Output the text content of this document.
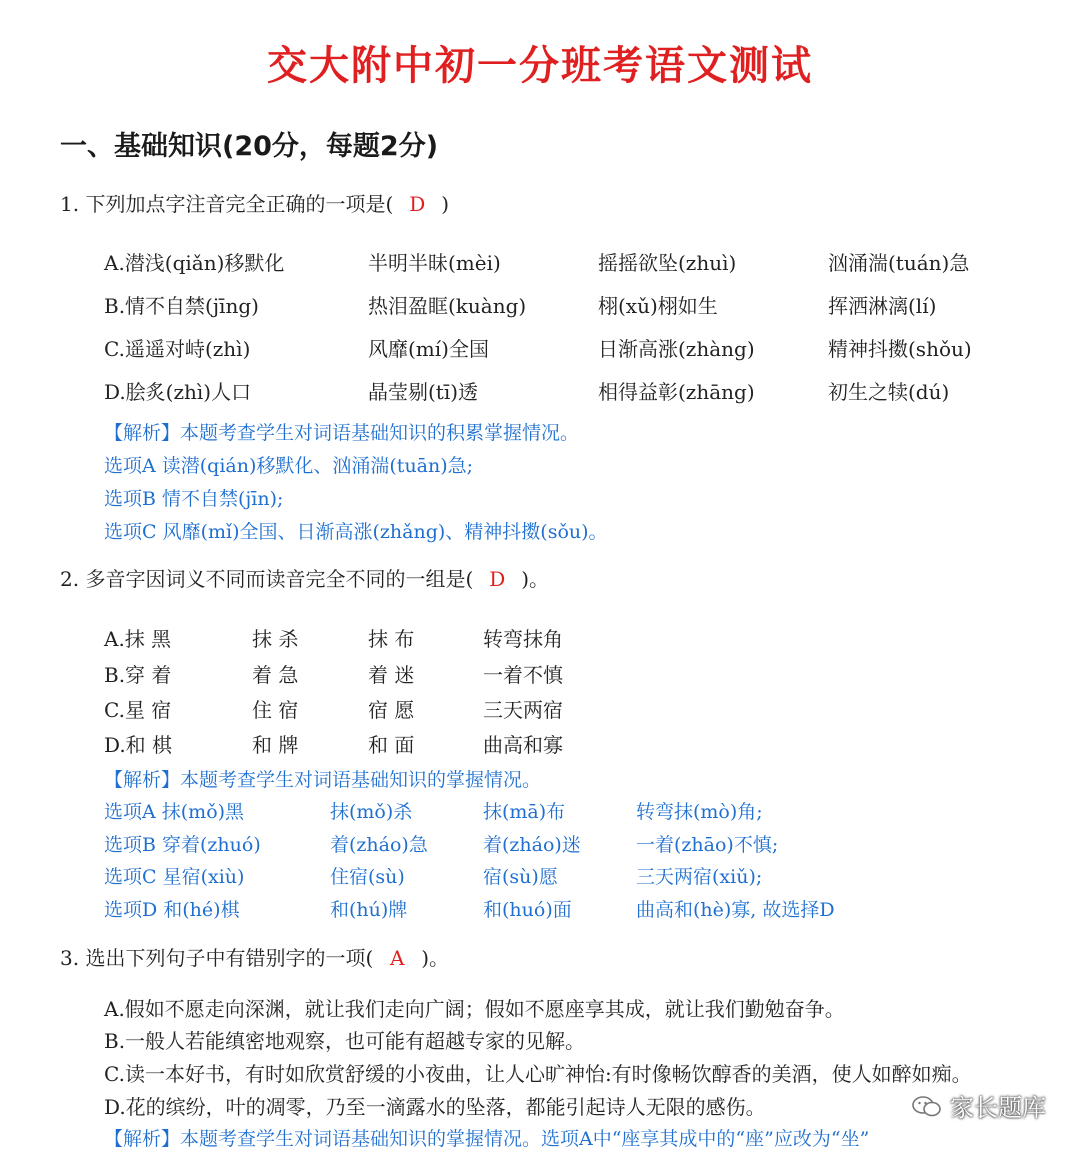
交大附中初一分班考语文测试
一、基础知识(20分，每题2分)
1. 下列加点字注音完全正确的一项是( D )
A.潜浅(qiǎn)移默化	半明半昧(mèi)	摇摇欲坠(zhuì)	汹涌湍(tuán)急
B.情不自禁(jīng)	热泪盈眶(kuàng)	栩(xǔ)栩如生	挥洒淋漓(lí)
C.遥遥对峙(zhì)	风靡(mí)全国	日渐高涨(zhàng)	精神抖擞(shǒu)
D.脍炙(zhì)人口	晶莹剔(tī)透	相得益彰(zhāng)	初生之犊(dú)
【解析】本题考查学生对词语基础知识的积累掌握情况。
选项A 读潜(qián)移默化、汹涌湍(tuān)急;
选项B 情不自禁(jīn);
选项C 风靡(mǐ)全国、日渐高涨(zhǎng)、精神抖擞(sǒu)。
2. 多音字因词义不同而读音完全不同的一组是( D )。
A.抹 黑	抹 杀	抹 布	转弯抹角
B.穿 着	着 急	着 迷	一着不慎
C.星 宿	住 宿	宿 愿	三天两宿
D.和 棋	和 牌	和 面	曲高和寡
【解析】本题考查学生对词语基础知识的掌握情况。
选项A 抹(mǒ)黑	抹(mǒ)杀	抹(mā)布	转弯抹(mò)角;
选项B 穿着(zhuó)	着(zháo)急	着(zháo)迷	一着(zhāo)不慎;
选项C 星宿(xiù)	住宿(sù)	宿(sù)愿	三天两宿(xiǔ);
选项D 和(hé)棋	和(hú)牌	和(huó)面	曲高和(hè)寡, 故选择D
3. 选出下列句子中有错别字的一项( A )。
A.假如不愿走向深渊，就让我们走向广阔；假如不愿座享其成，就让我们勤勉奋争。
B.一般人若能缜密地观察，也可能有超越专家的见解。
C.读一本好书，有时如欣赏舒缓的小夜曲，让人心旷神怡:有时像畅饮醇香的美酒，使人如醉如痴。
D.花的缤纷，叶的凋零，乃至一滴露水的坠落，都能引起诗人无限的感伤。
【解析】本题考查学生对词语基础知识的掌握情况。选项A中“座享其成中的“座”应改为“坐”
家长题库
